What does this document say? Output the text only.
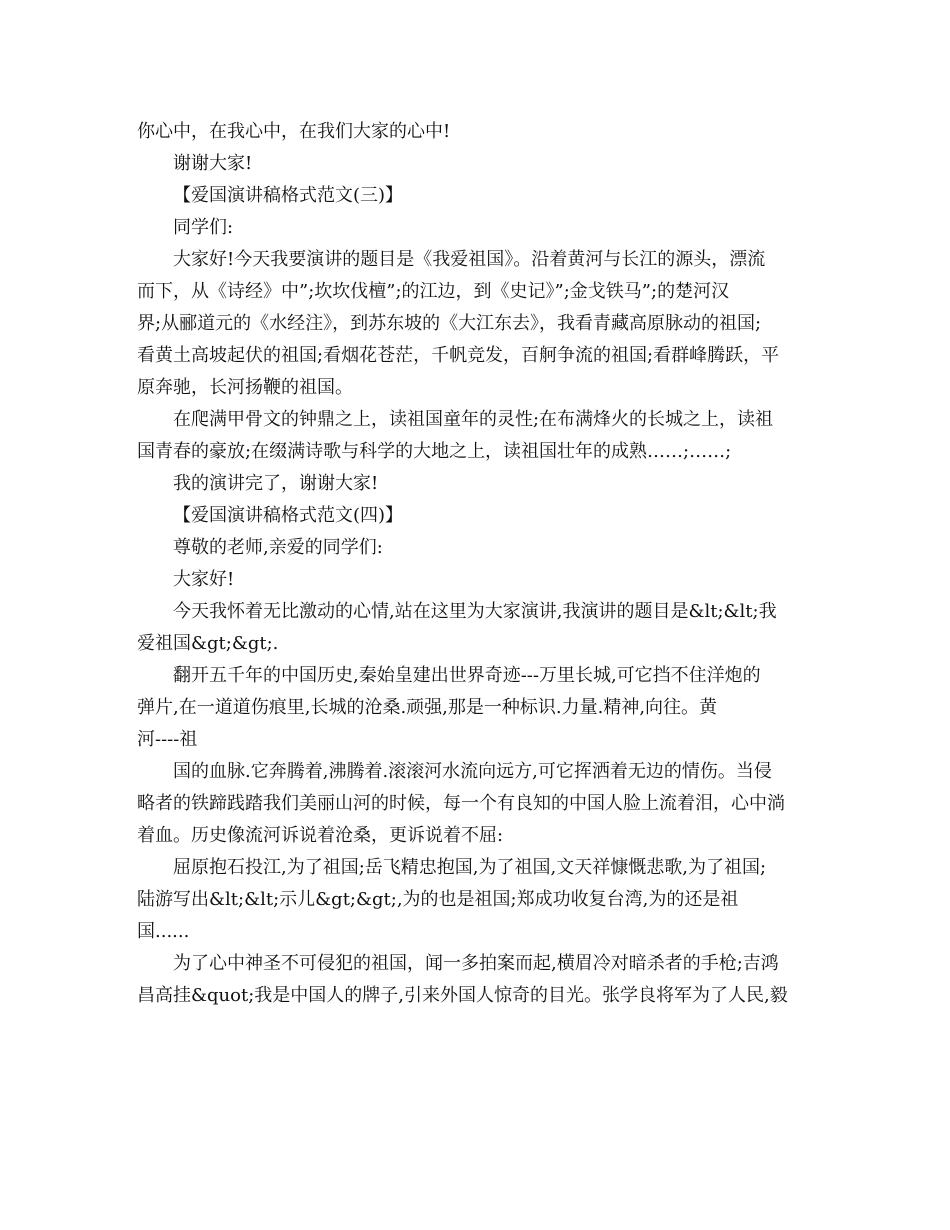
你心中，在我心中，在我们大家的心中!
谢谢大家!
【爱国演讲稿格式范文(三)】
同学们:
大家好!今天我要演讲的题目是《我爱祖国》。沿着黄河与长江的源头，漂流
而下，从《诗经》中”;坎坎伐檀”;的江边，到《史记》”;金戈铁马”;的楚河汉
界;从郦道元的《水经注》，到苏东坡的《大江东去》，我看青藏高原脉动的祖国;
看黄土高坡起伏的祖国;看烟花苍茫，千帆竞发，百舸争流的祖国;看群峰腾跃，平
原奔驰，长河扬鞭的祖国。
在爬满甲骨文的钟鼎之上，读祖国童年的灵性;在布满烽火的长城之上，读祖
国青春的豪放;在缀满诗歌与科学的大地之上，读祖国壮年的成熟……;……;
我的演讲完了，谢谢大家!
【爱国演讲稿格式范文(四)】
尊敬的老师,亲爱的同学们:
大家好!
今天我怀着无比激动的心情,站在这里为大家演讲,我演讲的题目是&lt;&lt;我
爱祖国&gt;&gt;.
翻开五千年的中国历史,秦始皇建出世界奇迹---万里长城,可它挡不住洋炮的
弹片,在一道道伤痕里,长城的沧桑.顽强,那是一种标识.力量.精神,向往。黄
河----祖
国的血脉.它奔腾着,沸腾着.滚滚河水流向远方,可它挥洒着无边的情伤。当侵
略者的铁蹄践踏我们美丽山河的时候，每一个有良知的中国人脸上流着泪，心中淌
着血。历史像流河诉说着沧桑，更诉说着不屈:
屈原抱石投江,为了祖国;岳飞精忠抱国,为了祖国,文天祥慷慨悲歌,为了祖国;
陆游写出&lt;&lt;示儿&gt;&gt;,为的也是祖国;郑成功收复台湾,为的还是祖
国......
为了心中神圣不可侵犯的祖国，闻一多拍案而起,横眉冷对暗杀者的手枪;吉鸿
昌高挂&quot;我是中国人的牌子,引来外国人惊奇的目光。张学良将军为了人民,毅
